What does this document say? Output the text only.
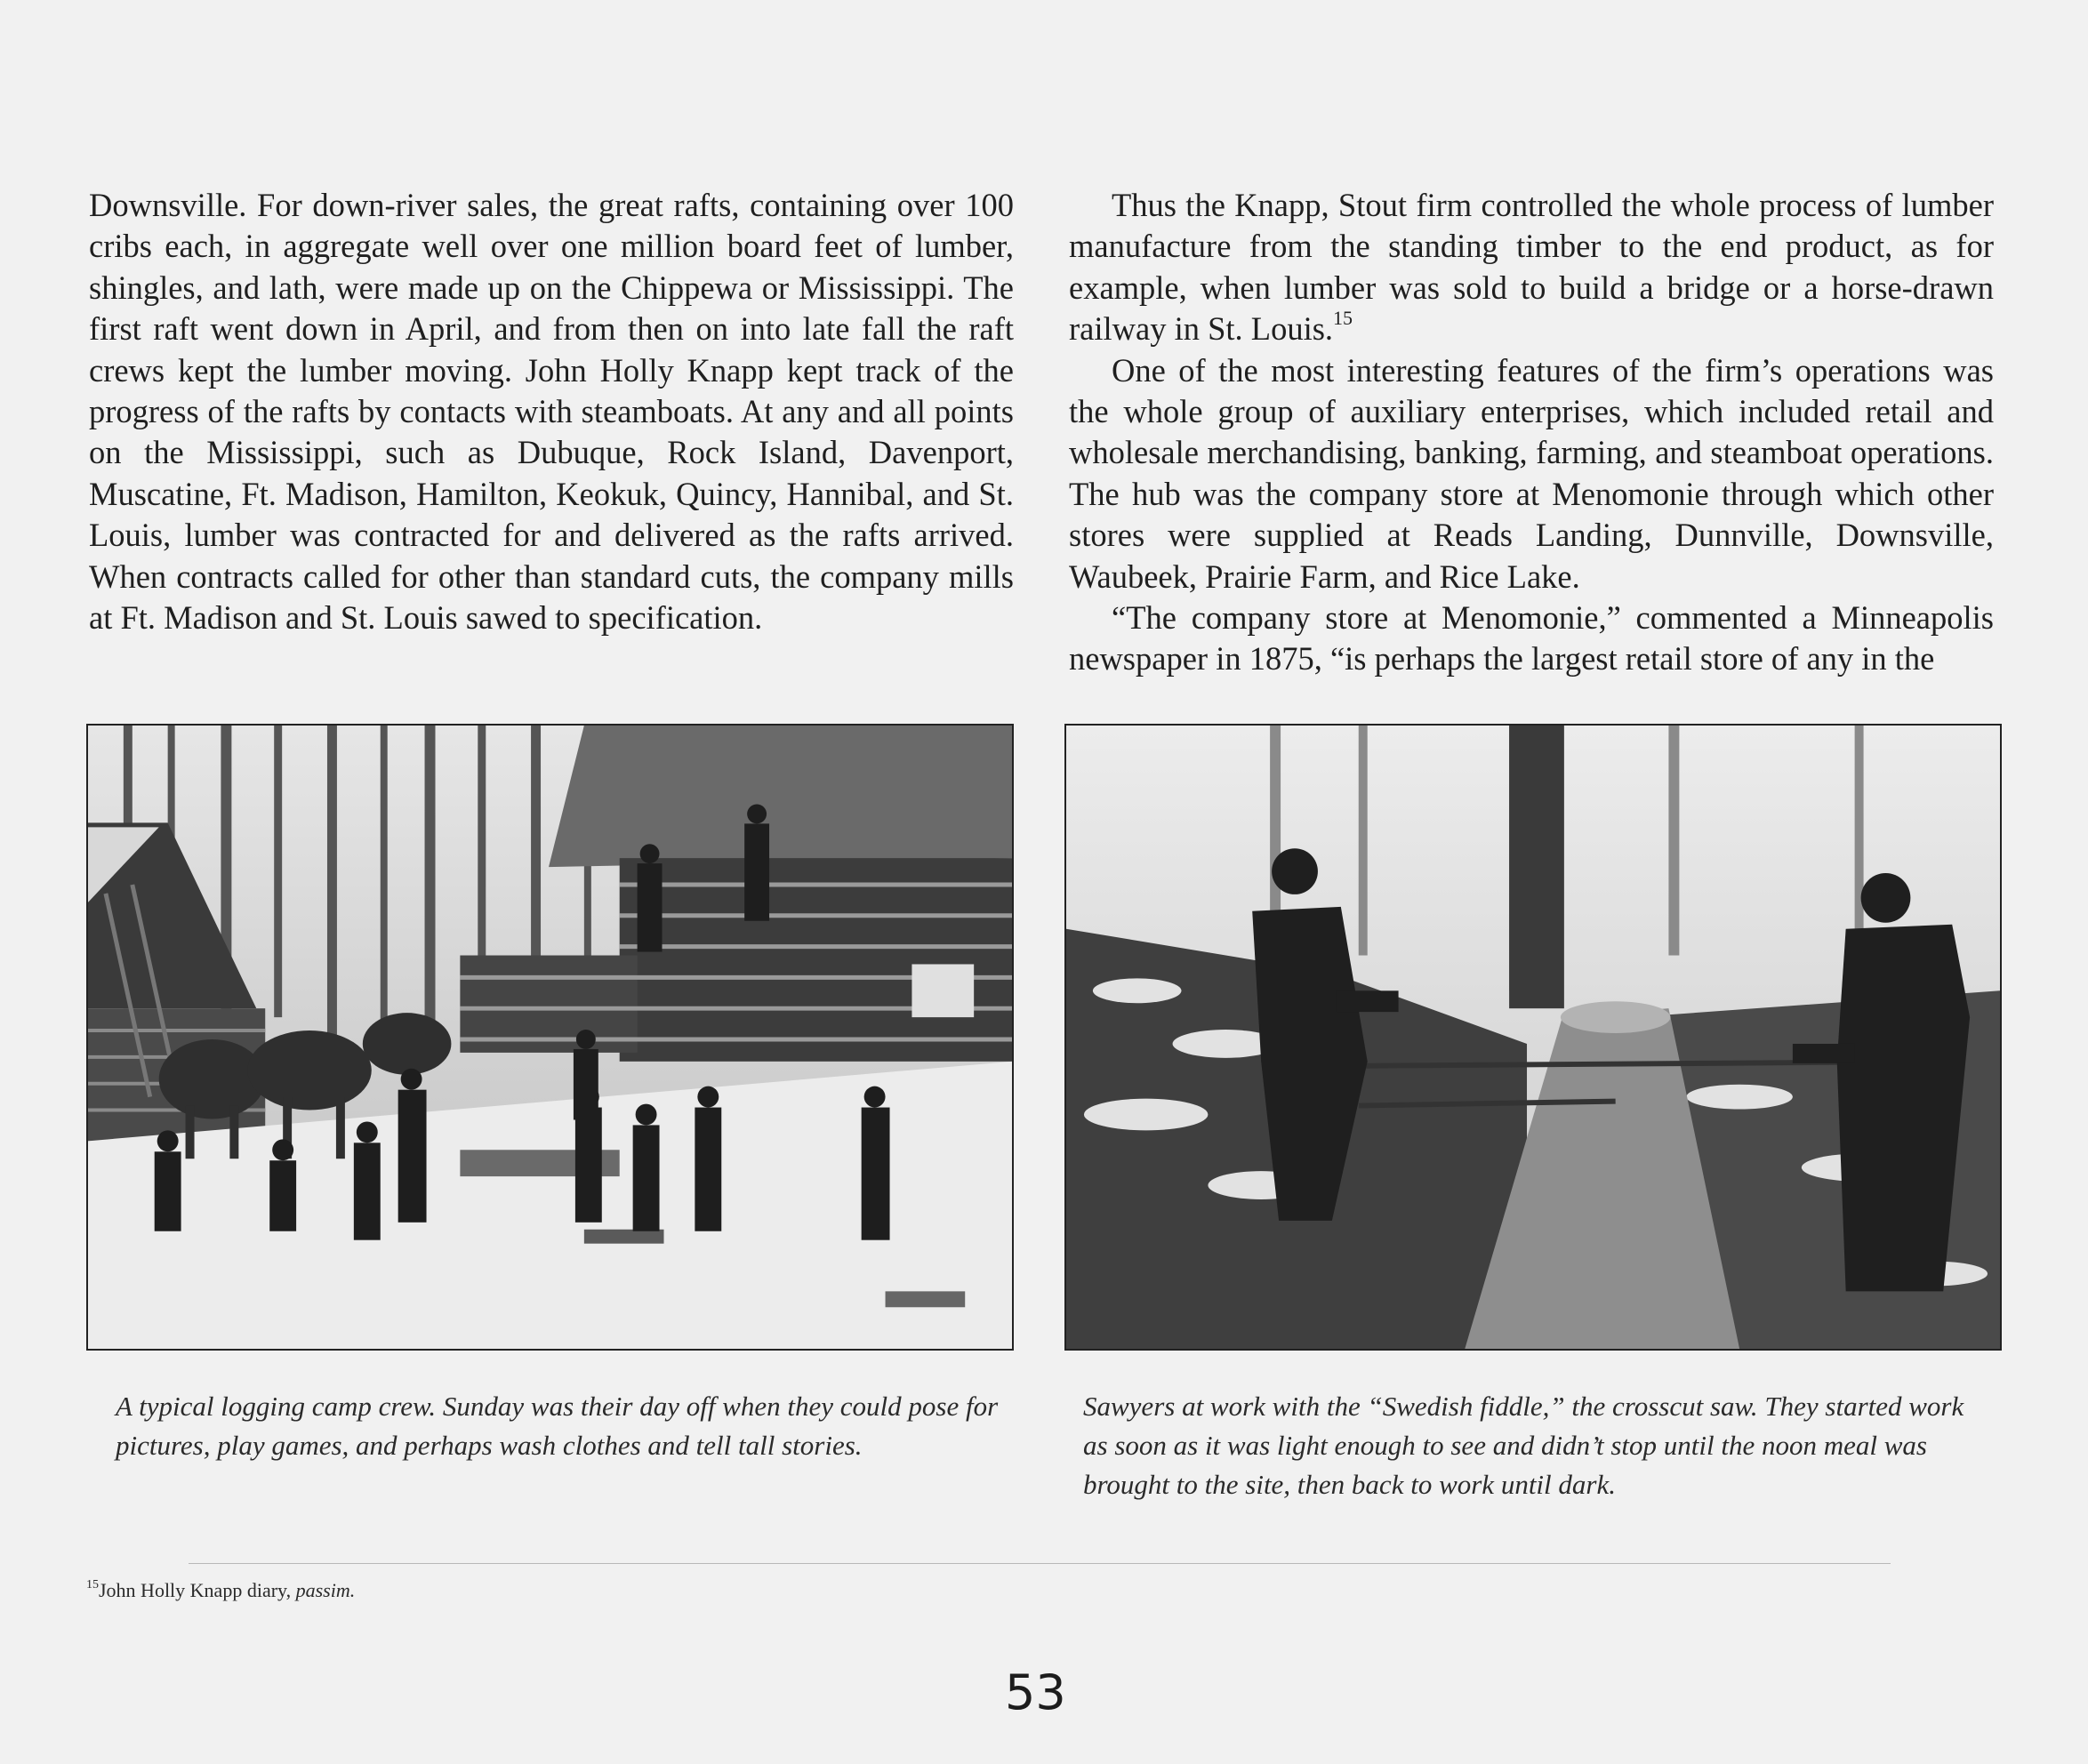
Downsville. For down-river sales, the great rafts, containing over 100 cribs each, in aggregate well over one million board feet of lumber, shingles, and lath, were made up on the Chippewa or Mississippi. The first raft went down in April, and from then on into late fall the raft crews kept the lumber moving. John Holly Knapp kept track of the progress of the rafts by contacts with steamboats. At any and all points on the Mississippi, such as Dubuque, Rock Island, Davenport, Muscatine, Ft. Madison, Hamilton, Keokuk, Quincy, Hannibal, and St. Louis, lumber was contracted for and delivered as the rafts arrived. When contracts called for other than standard cuts, the company mills at Ft. Madison and St. Louis sawed to specification.

Thus the Knapp, Stout firm controlled the whole process of lumber manufacture from the standing timber to the end product, as for example, when lumber was sold to build a bridge or a horse-drawn railway in St. Louis.$^{15}$

One of the most interesting features of the firm’s operations was the whole group of auxiliary enterprises, which included retail and wholesale merchandising, banking, farming, and steamboat operations. The hub was the company store at Menomonie through which other stores were supplied at Reads Landing, Dunnville, Downsville, Waubeek, Prairie Farm, and Rice Lake.

“The company store at Menomonie,” commented a Minneapolis newspaper in 1875, “is perhaps the largest retail store of any in the

A typical logging camp crew. Sunday was their day off when they could pose for pictures, play games, and perhaps wash clothes and tell tall stories.
Sawyers at work with the “Swedish fiddle,” the crosscut saw. They started work as soon as it was light enough to see and didn’t stop until the noon meal was brought to the site, then back to work until dark.
$^{15}$John Holly Knapp diary, passim.
53
